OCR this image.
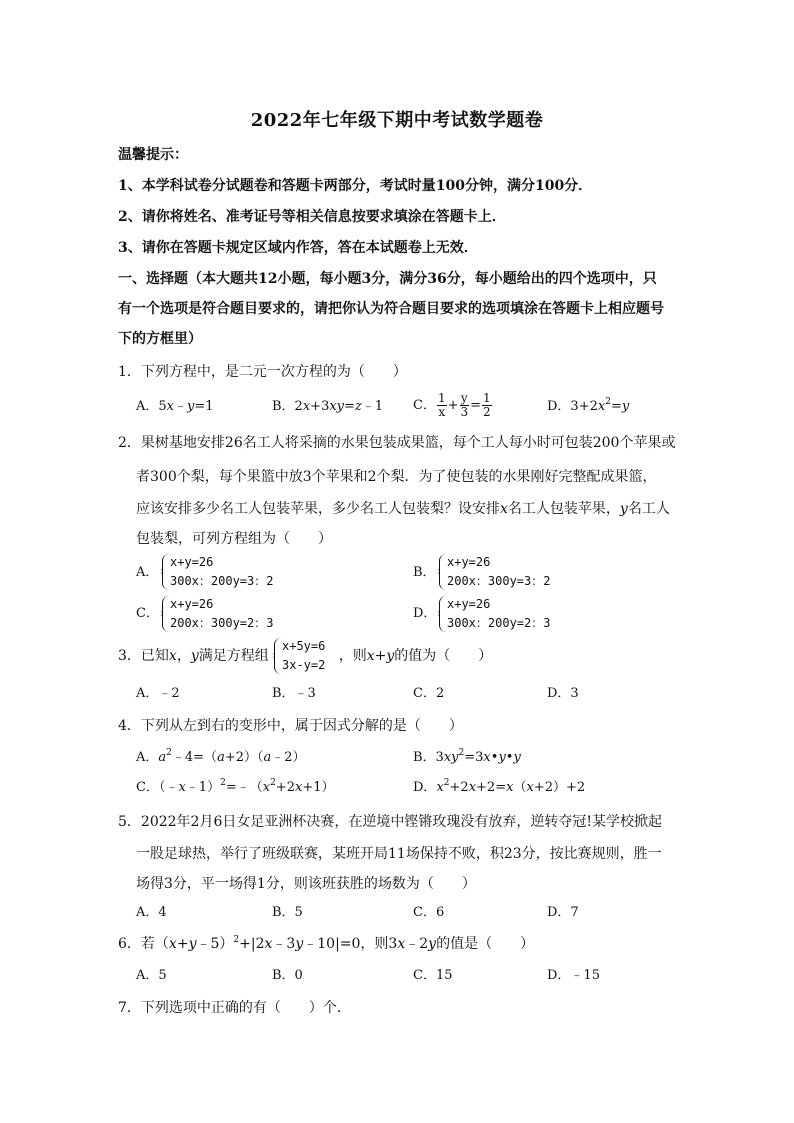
2022年七年级下期中考试数学题卷
温馨提示：
1、本学科试卷分试题卷和答题卡两部分，考试时量100分钟，满分100分．
2、请你将姓名、准考证号等相关信息按要求填涂在答题卡上．
3、请你在答题卡规定区域内作答，答在本试题卷上无效．
一、选择题（本大题共12小题，每小题3分，满分36分，每小题给出的四个选项中，只
有一个选项是符合题目要求的，请把你认为符合题目要求的选项填涂在答题卡上相应题号
下的方框里）
1．下列方程中，是二元一次方程的为（　　）
A．5x﹣y=1	B．2x+3xy=z﹣1 C． $\frac{1}{x} + \frac{y}{3} = \frac{1}{2}$	D．$3+2x^2=y$
2．果树基地安排26名工人将采摘的水果包装成果篮，每个工人每小时可包装200个苹果或
者300个梨，每个果篮中放3个苹果和2个梨．为了使包装的水果刚好完整配成果篮，
应该安排多少名工人包装苹果，多少名工人包装梨？设安排x名工人包装苹果，y名工人
包装梨，可列方程组为（　　）
A．
x+y=26
300x：200y=3：2
B．
x+y=26
200x：300y=3：2
C．
x+y=26
200x：300y=2：3
D．
x+y=26
300x：200y=2：3
3．已知x，y满足方程组	，则x+y的值为（　　）
x+5y=6
3x-y=2
A．﹣2	B．﹣3	C．2	D．3
4．下列从左到右的变形中，属于因式分解的是（　　）
A．$a^2﹣4=(a+2)(a﹣2)$	B．$3xy^2=3x•y•y$
C．$(﹣x﹣1)^2=﹣(x^2+2x+1)$	D．$x^2+2x+2=x(x+2)+2$
5．2022年2月6日女足亚洲杯决赛，在逆境中铿锵玫瑰没有放弃，逆转夺冠!某学校掀起
一股足球热，举行了班级联赛，某班开局11场保持不败，积23分，按比赛规则，胜一
场得3分，平一场得1分，则该班获胜的场数为（　　）
A．4	B．5	C．6	D．7
6．若（x+y﹣5）$^2$+|2x﹣3y﹣10|=0，则3x﹣2y的值是（　　）
A．5	B．0	C．15	D．﹣15
7．下列选项中正确的有（　　）个．
